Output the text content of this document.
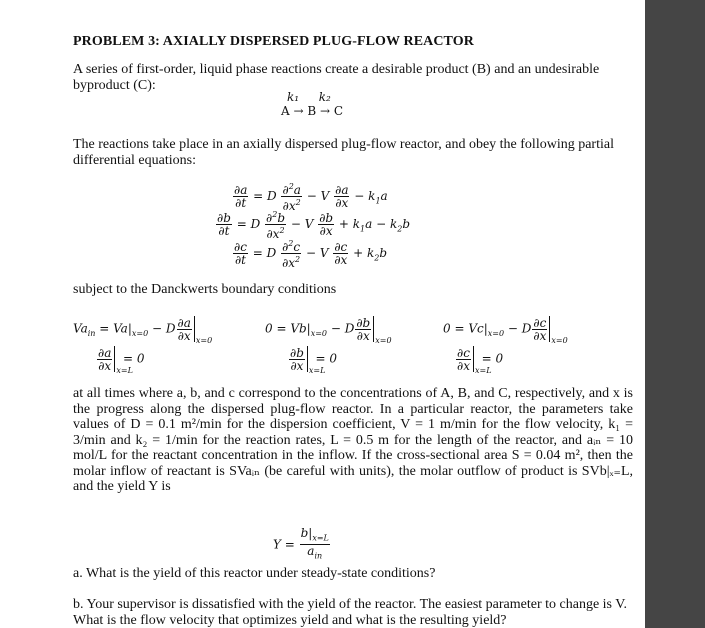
PROBLEM 3: AXIALLY DISPERSED PLUG-FLOW REACTOR
A series of first-order, liquid phase reactions create a desirable product (B) and an undesirable byproduct (C):
k₁ k₂
A → B → C
The reactions take place in an axially dispersed plug-flow reactor, and obey the following partial differential equations:
$\frac{\partial a}{\partial t} = D \frac{\partial^2a}{\partial x^2} - V \frac{\partial a}{\partial x} - k_1a$
$\frac{\partial b}{\partial t} = D \frac{\partial^2b}{\partial x^2} - V \frac{\partial b}{\partial x} + k_1a - k_2b$
$\frac{\partial c}{\partial t} = D \frac{\partial^2c}{\partial x^2} - V \frac{\partial c}{\partial x} + k_2b$
subject to the Danckwerts boundary conditions
$Va_{in} = Va|_{x=0} - D \frac{\partial a}{\partial x} x=0$
$0 = Vb|_{x=0} - D \frac{\partial b}{\partial x} x=0$
$0 = Vc|_{x=0} - D \frac{\partial c}{\partial x} x=0$
$\frac{\partial a}{\partial x} x=L$
= 0	$\frac{\partial b}{\partial x} x=L$
= 0	$\frac{\partial c}{\partial x} x=L$
= 0
at all times where a, b, and c correspond to the concentrations of A, B, and C, respectively, and x is the progress along the dispersed plug-flow reactor. In a particular reactor, the parameters take values of D = 0.1 m²/min for the dispersion coefficient, V = 1 m/min for the flow velocity, k₁ = 3/min and k₂ = 1/min for the reaction rates, L = 0.5 m for the length of the reactor, and aᵢₙ = 10 mol/L for the reactant concentration in the inflow. If the cross-sectional area S = 0.04 m², then the molar inflow of reactant is SVaᵢₙ (be careful with units), the molar outflow of product is SVb|ₓ₌L, and the yield Y is
$Y = \frac{b|_{x=L}}{a_{in}}$
a. What is the yield of this reactor under steady-state conditions?
b. Your supervisor is dissatisfied with the yield of the reactor. The easiest parameter to change is V. What is the flow velocity that optimizes yield and what is the resulting yield?
